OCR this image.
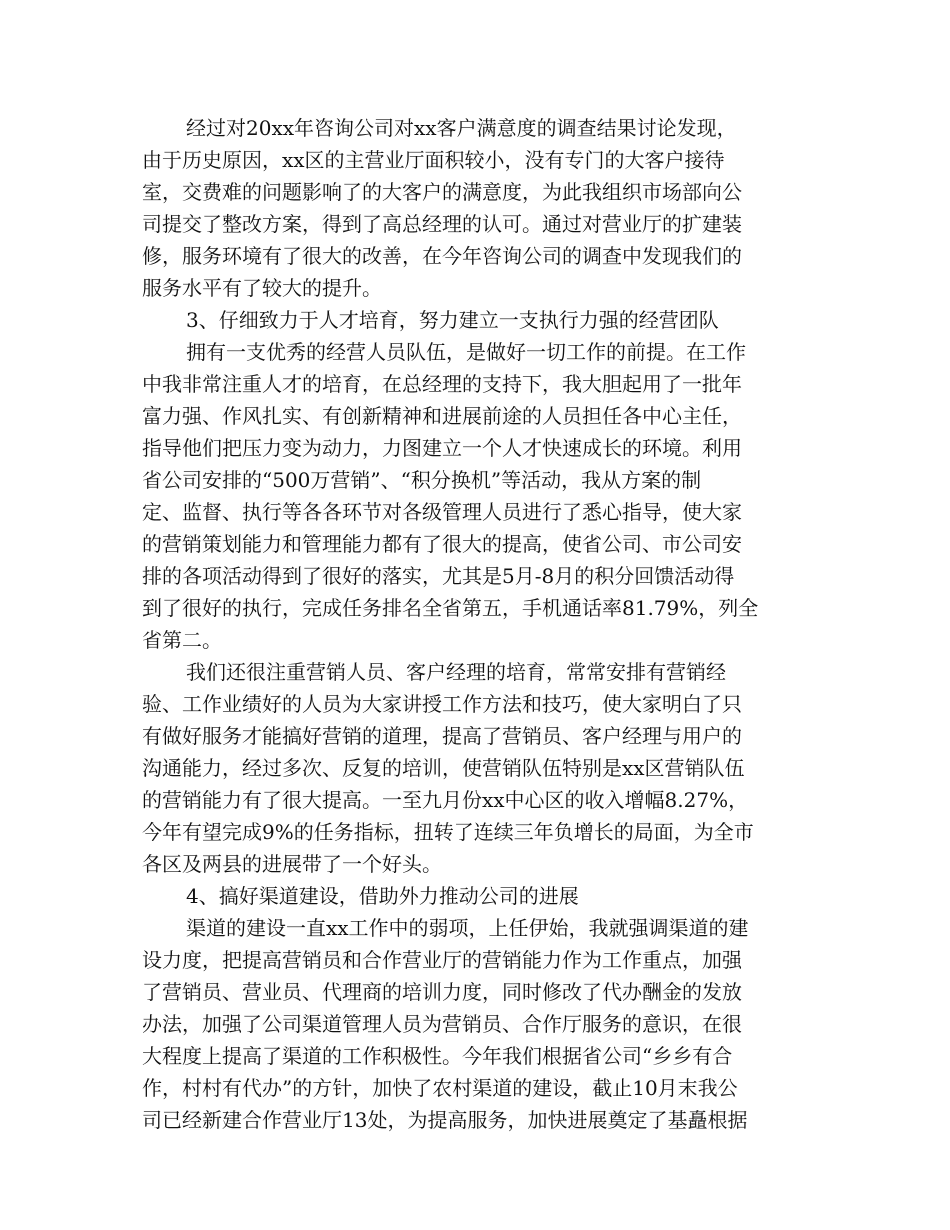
经过对20xx年咨询公司对xx客户满意度的调查结果讨论发现，
由于历史原因，xx区的主营业厅面积较小，没有专门的大客户接待
室，交费难的问题影响了的大客户的满意度，为此我组织市场部向公
司提交了整改方案，得到了高总经理的认可。通过对营业厅的扩建装
修，服务环境有了很大的改善，在今年咨询公司的调查中发现我们的
服务水平有了较大的提升。
3、仔细致力于人才培育，努力建立一支执行力强的经营团队
拥有一支优秀的经营人员队伍，是做好一切工作的前提。在工作
中我非常注重人才的培育，在总经理的支持下，我大胆起用了一批年
富力强、作风扎实、有创新精神和进展前途的人员担任各中心主任，
指导他们把压力变为动力，力图建立一个人才快速成长的环境。利用
省公司安排的“500万营销”、“积分换机”等活动，我从方案的制
定、监督、执行等各各环节对各级管理人员进行了悉心指导，使大家
的营销策划能力和管理能力都有了很大的提高，使省公司、市公司安
排的各项活动得到了很好的落实，尤其是5月-8月的积分回馈活动得
到了很好的执行，完成任务排名全省第五，手机通话率81.79%，列全
省第二。
我们还很注重营销人员、客户经理的培育，常常安排有营销经
验、工作业绩好的人员为大家讲授工作方法和技巧，使大家明白了只
有做好服务才能搞好营销的道理，提高了营销员、客户经理与用户的
沟通能力，经过多次、反复的培训，使营销队伍特别是xx区营销队伍
的营销能力有了很大提高。一至九月份xx中心区的收入增幅8.27%，
今年有望完成9%的任务指标，扭转了连续三年负增长的局面，为全市
各区及两县的进展带了一个好头。
4、搞好渠道建设，借助外力推动公司的进展
渠道的建设一直xx工作中的弱项，上任伊始，我就强调渠道的建
设力度，把提高营销员和合作营业厅的营销能力作为工作重点，加强
了营销员、营业员、代理商的培训力度，同时修改了代办酬金的发放
办法，加强了公司渠道管理人员为营销员、合作厅服务的意识，在很
大程度上提高了渠道的工作积极性。今年我们根据省公司“乡乡有合
作，村村有代办”的方针，加快了农村渠道的建设，截止10月末我公
司已经新建合作营业厅13处，为提高服务，加快进展奠定了基矗根据
